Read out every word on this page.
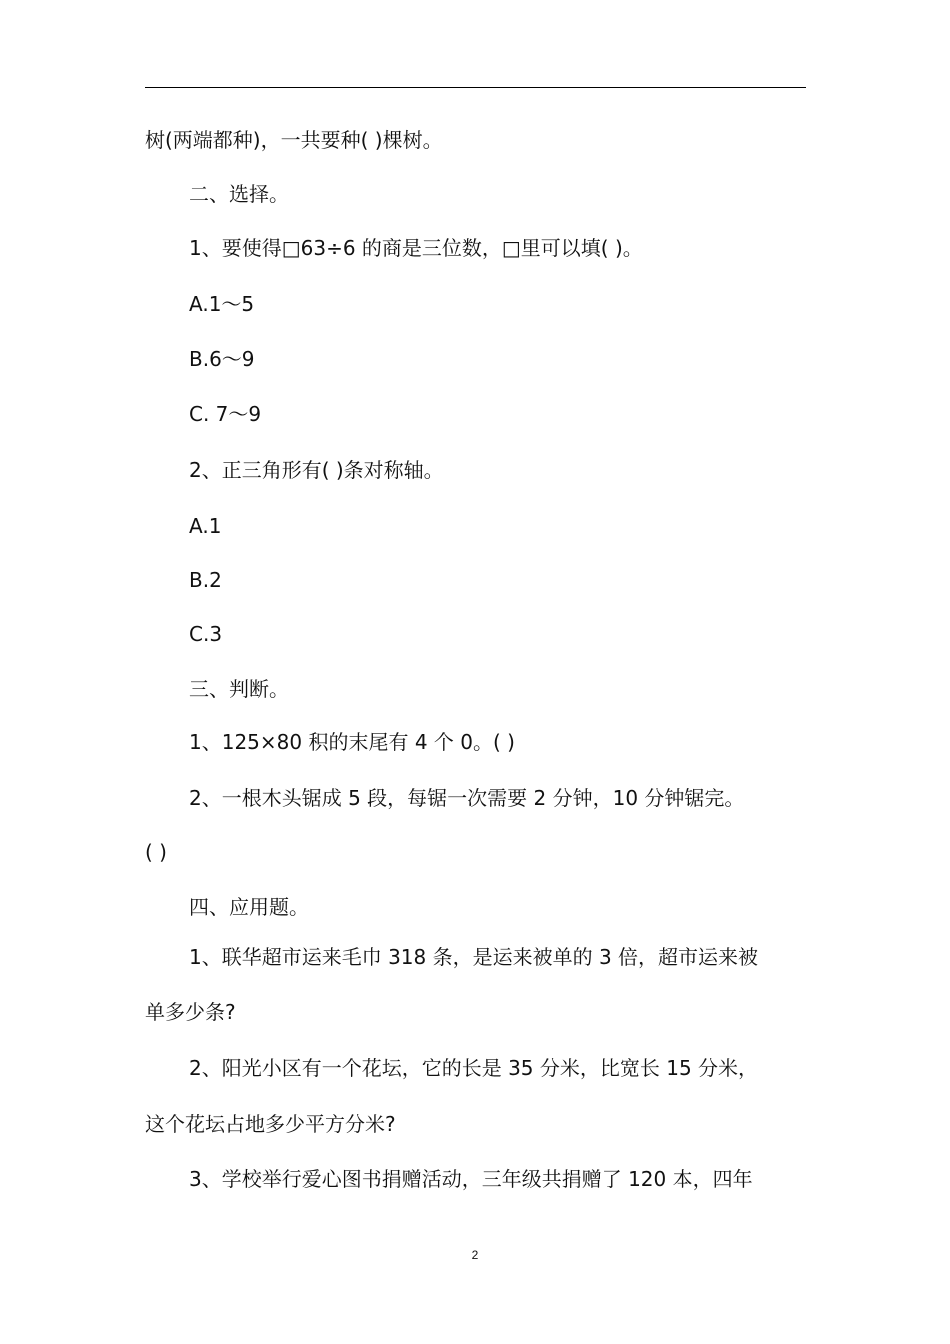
树(两端都种)，一共要种( )棵树。
二、选择。
1、要使得□63÷6 的商是三位数，□里可以填( )。
A.1～5
B.6～9
C. 7～9
2、正三角形有( )条对称轴。
A.1
B.2
C.3
三、判断。
1、125×80 积的末尾有 4 个 0。( )
2、一根木头锯成 5 段，每锯一次需要 2 分钟，10 分钟锯完。
( )
四、应用题。
1、联华超市运来毛巾 318 条，是运来被单的 3 倍，超市运来被
单多少条?
2、阳光小区有一个花坛，它的长是 35 分米，比宽长 15 分米，
这个花坛占地多少平方分米?
3、学校举行爱心图书捐赠活动，三年级共捐赠了 120 本，四年
2
